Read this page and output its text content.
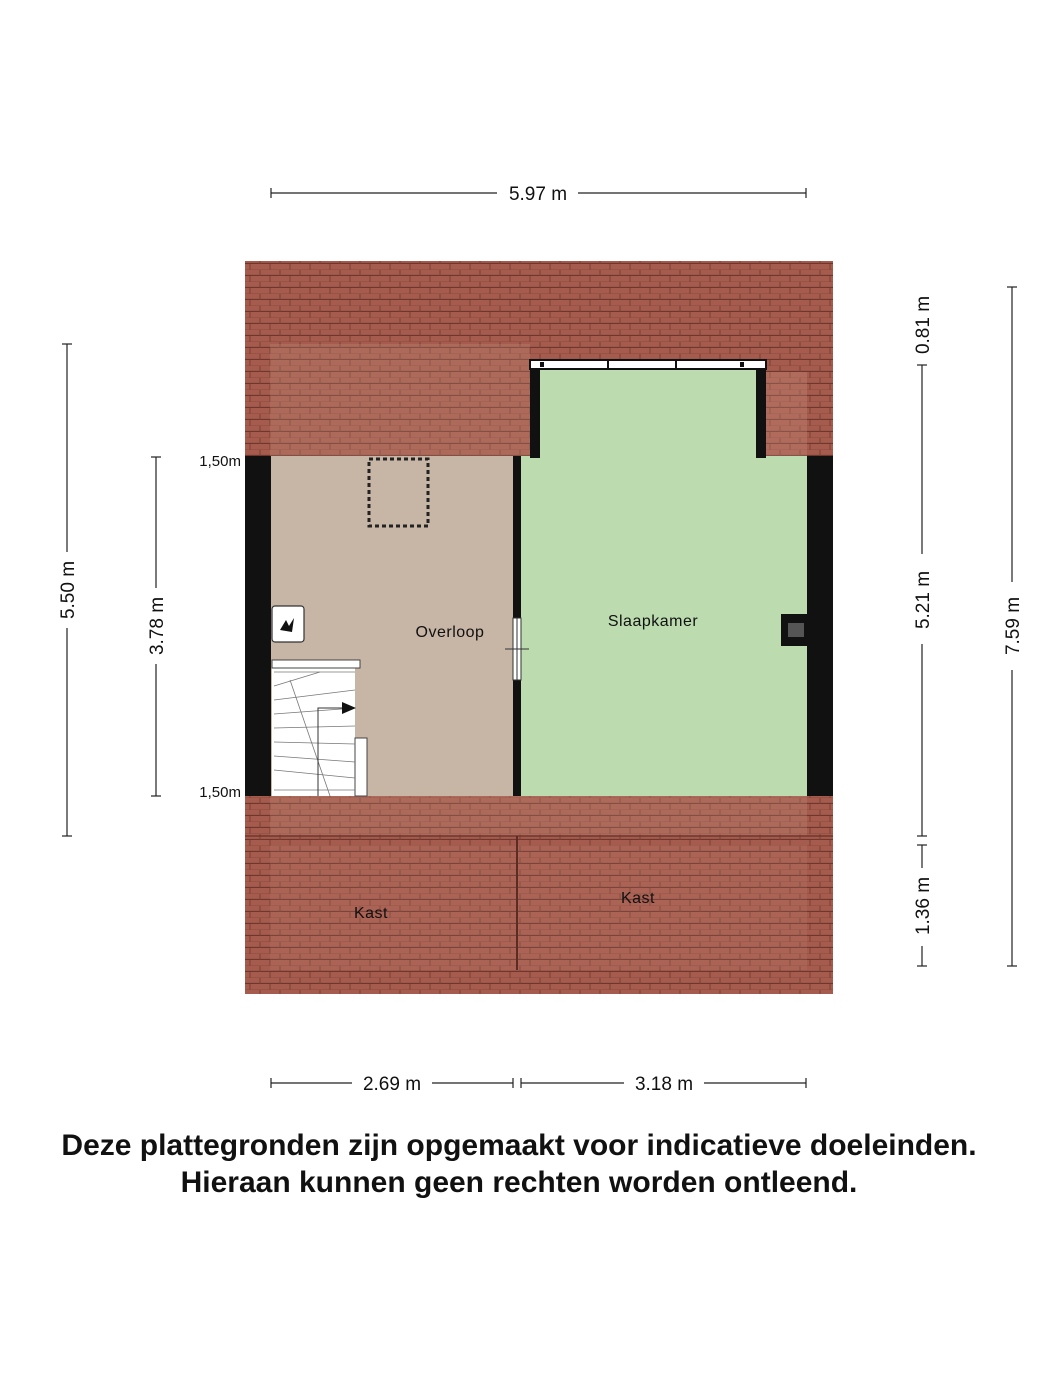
Overloop
Slaapkamer
Kast
Kast
1,50m
1,50m
5.97 m
2.69 m	3.18 m
5.50 m
3.78 m
0.81 m
5.21 m
1.36 m
7.59 m
Deze plattegronden zijn opgemaakt voor indicatieve doeleinden.
Hieraan kunnen geen rechten worden ontleend.
